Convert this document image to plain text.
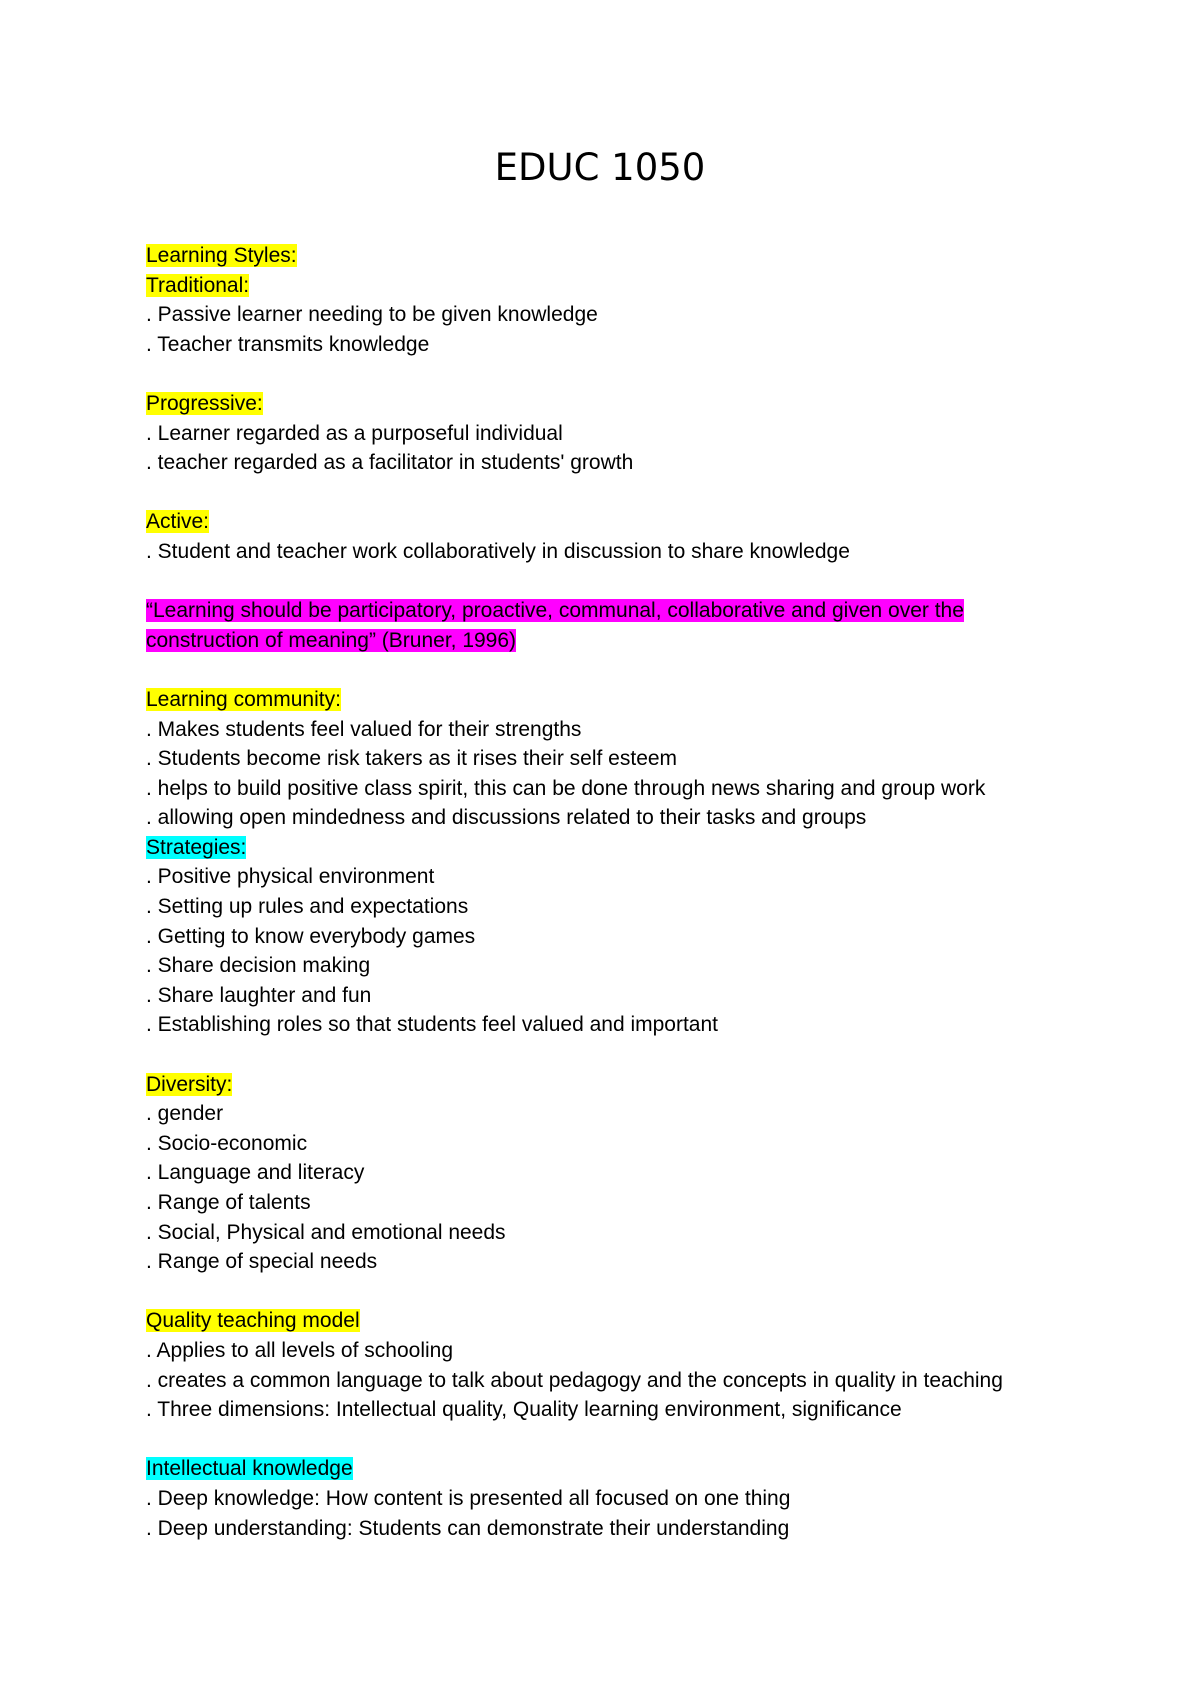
EDUC 1050
Learning Styles:
Traditional:
. Passive learner needing to be given knowledge
. Teacher transmits knowledge
Progressive:
. Learner regarded as a purposeful individual
. teacher regarded as a facilitator in students' growth
Active:
. Student and teacher work collaboratively in discussion to share knowledge
“Learning should be participatory, proactive, communal, collaborative and given over the
construction of meaning” (Bruner, 1996)
Learning community:
. Makes students feel valued for their strengths
. Students become risk takers as it rises their self esteem
. helps to build positive class spirit, this can be done through news sharing and group work
. allowing open mindedness and discussions related to their tasks and groups
Strategies:
. Positive physical environment
. Setting up rules and expectations
. Getting to know everybody games
. Share decision making
. Share laughter and fun
. Establishing roles so that students feel valued and important
Diversity:
. gender
. Socio-economic
. Language and literacy
. Range of talents
. Social, Physical and emotional needs
. Range of special needs
Quality teaching model
. Applies to all levels of schooling
. creates a common language to talk about pedagogy and the concepts in quality in teaching
. Three dimensions: Intellectual quality, Quality learning environment, significance
Intellectual knowledge
. Deep knowledge: How content is presented all focused on one thing
. Deep understanding: Students can demonstrate their understanding
